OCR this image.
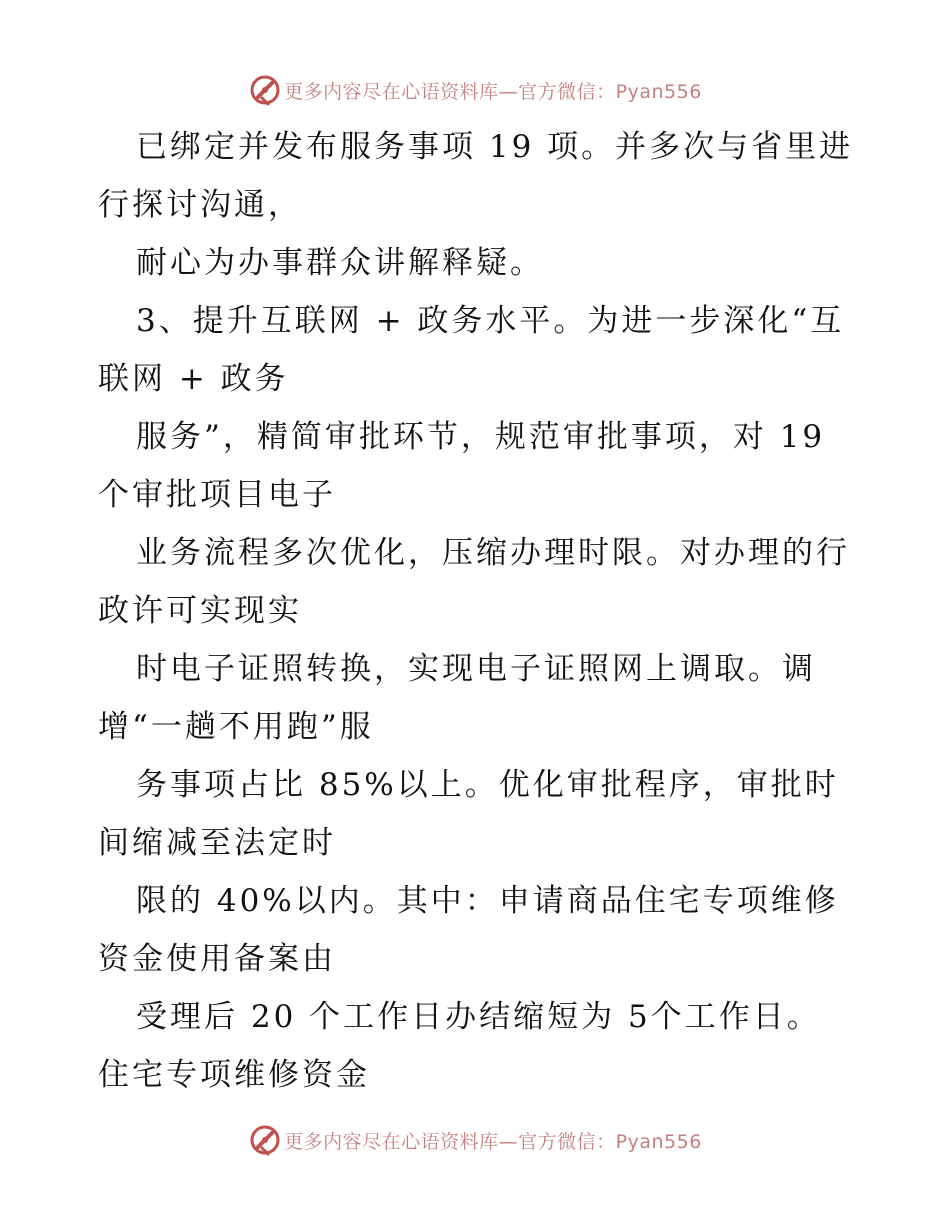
更多内容尽在心语资料库—官方微信：Pyan556
已绑定并发布服务事项 19 项。并多次与省里进
行探讨沟通，
耐心为办事群众讲解释疑。
3、提升互联网 + 政务水平。为进一步深化“互
联网 + 政务
服务”，精简审批环节，规范审批事项，对 19
个审批项目电子
业务流程多次优化，压缩办理时限。对办理的行
政许可实现实
时电子证照转换，实现电子证照网上调取。调
增“一趟不用跑”服
务事项占比 85%以上。优化审批程序，审批时
间缩减至法定时
限的 40%以内。其中：申请商品住宅专项维修
资金使用备案由
受理后 20 个工作日办结缩短为 5个工作日。
住宅专项维修资金
更多内容尽在心语资料库—官方微信：Pyan556
